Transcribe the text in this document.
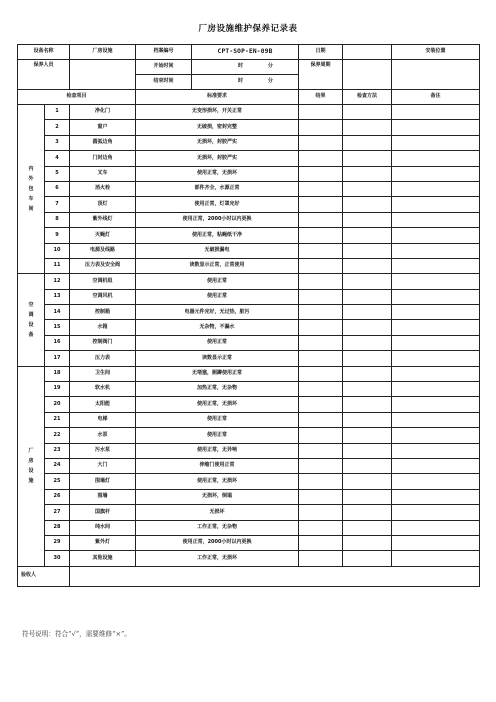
厂房设施维护保养记录表
设备名称		厂房设施	档案编号	CPT-SOP-EN-09B	日期		安装位置
保养人员			开始时间	时 分	保养周期		
			结束时间	时 分			
检查项目			标准要求		结果	检查方法	备注

内
外
包
车
间	1	净化门	无变形损坏，开关正常				
	2	窗户	无破损，密封完整				
	3	圆弧边角	无损坏，封胶严实				
	4	门封边角	无损坏，封胶严实				
	5	叉车	使用正常，无损坏				
	6	消火栓	部件齐全，水源正常				
	7	顶灯	使用正常，灯罩完好				
	8	紫外线灯	使用正常，2000小时以内更换				
	9	灭蝇灯	使用正常，粘蝇纸干净				
	10	电源及线路	无破损漏电				
	11	压力表及安全阀	读数显示正常，正常使用				

空
调
设
备	12	空调机组	使用正常				
	13	空调风机	使用正常				
	14	控制箱	电器元件完好，无过热，脏污				
	15	水箱	无杂物，不漏水				
	16	控制阀门	使用正常				
	17	压力表	读数显示正常				

厂
房
设
施	18	卫生间	无堵塞，厕蹲使用正常				
	19	软水机	加热正常，无杂物				
	20	太阳能	使用正常，无损坏				
	21	电梯	使用正常				
	22	水泵	使用正常				
	23	污水泵	使用正常，无异响				
	24	大门	伸缩门使用正常				
	25	围墙灯	使用正常，无损坏				
	26	围墙	无损坏，倒塌				
	27	国旗杆	无损坏				
	28	纯水间	工作正常，无杂物				
	29	紫外灯	使用正常，2000小时以内更换				
	30	其他设施	工作正常，无损坏				
验收人							
符号说明：符合“√”，需要维修“×”。
